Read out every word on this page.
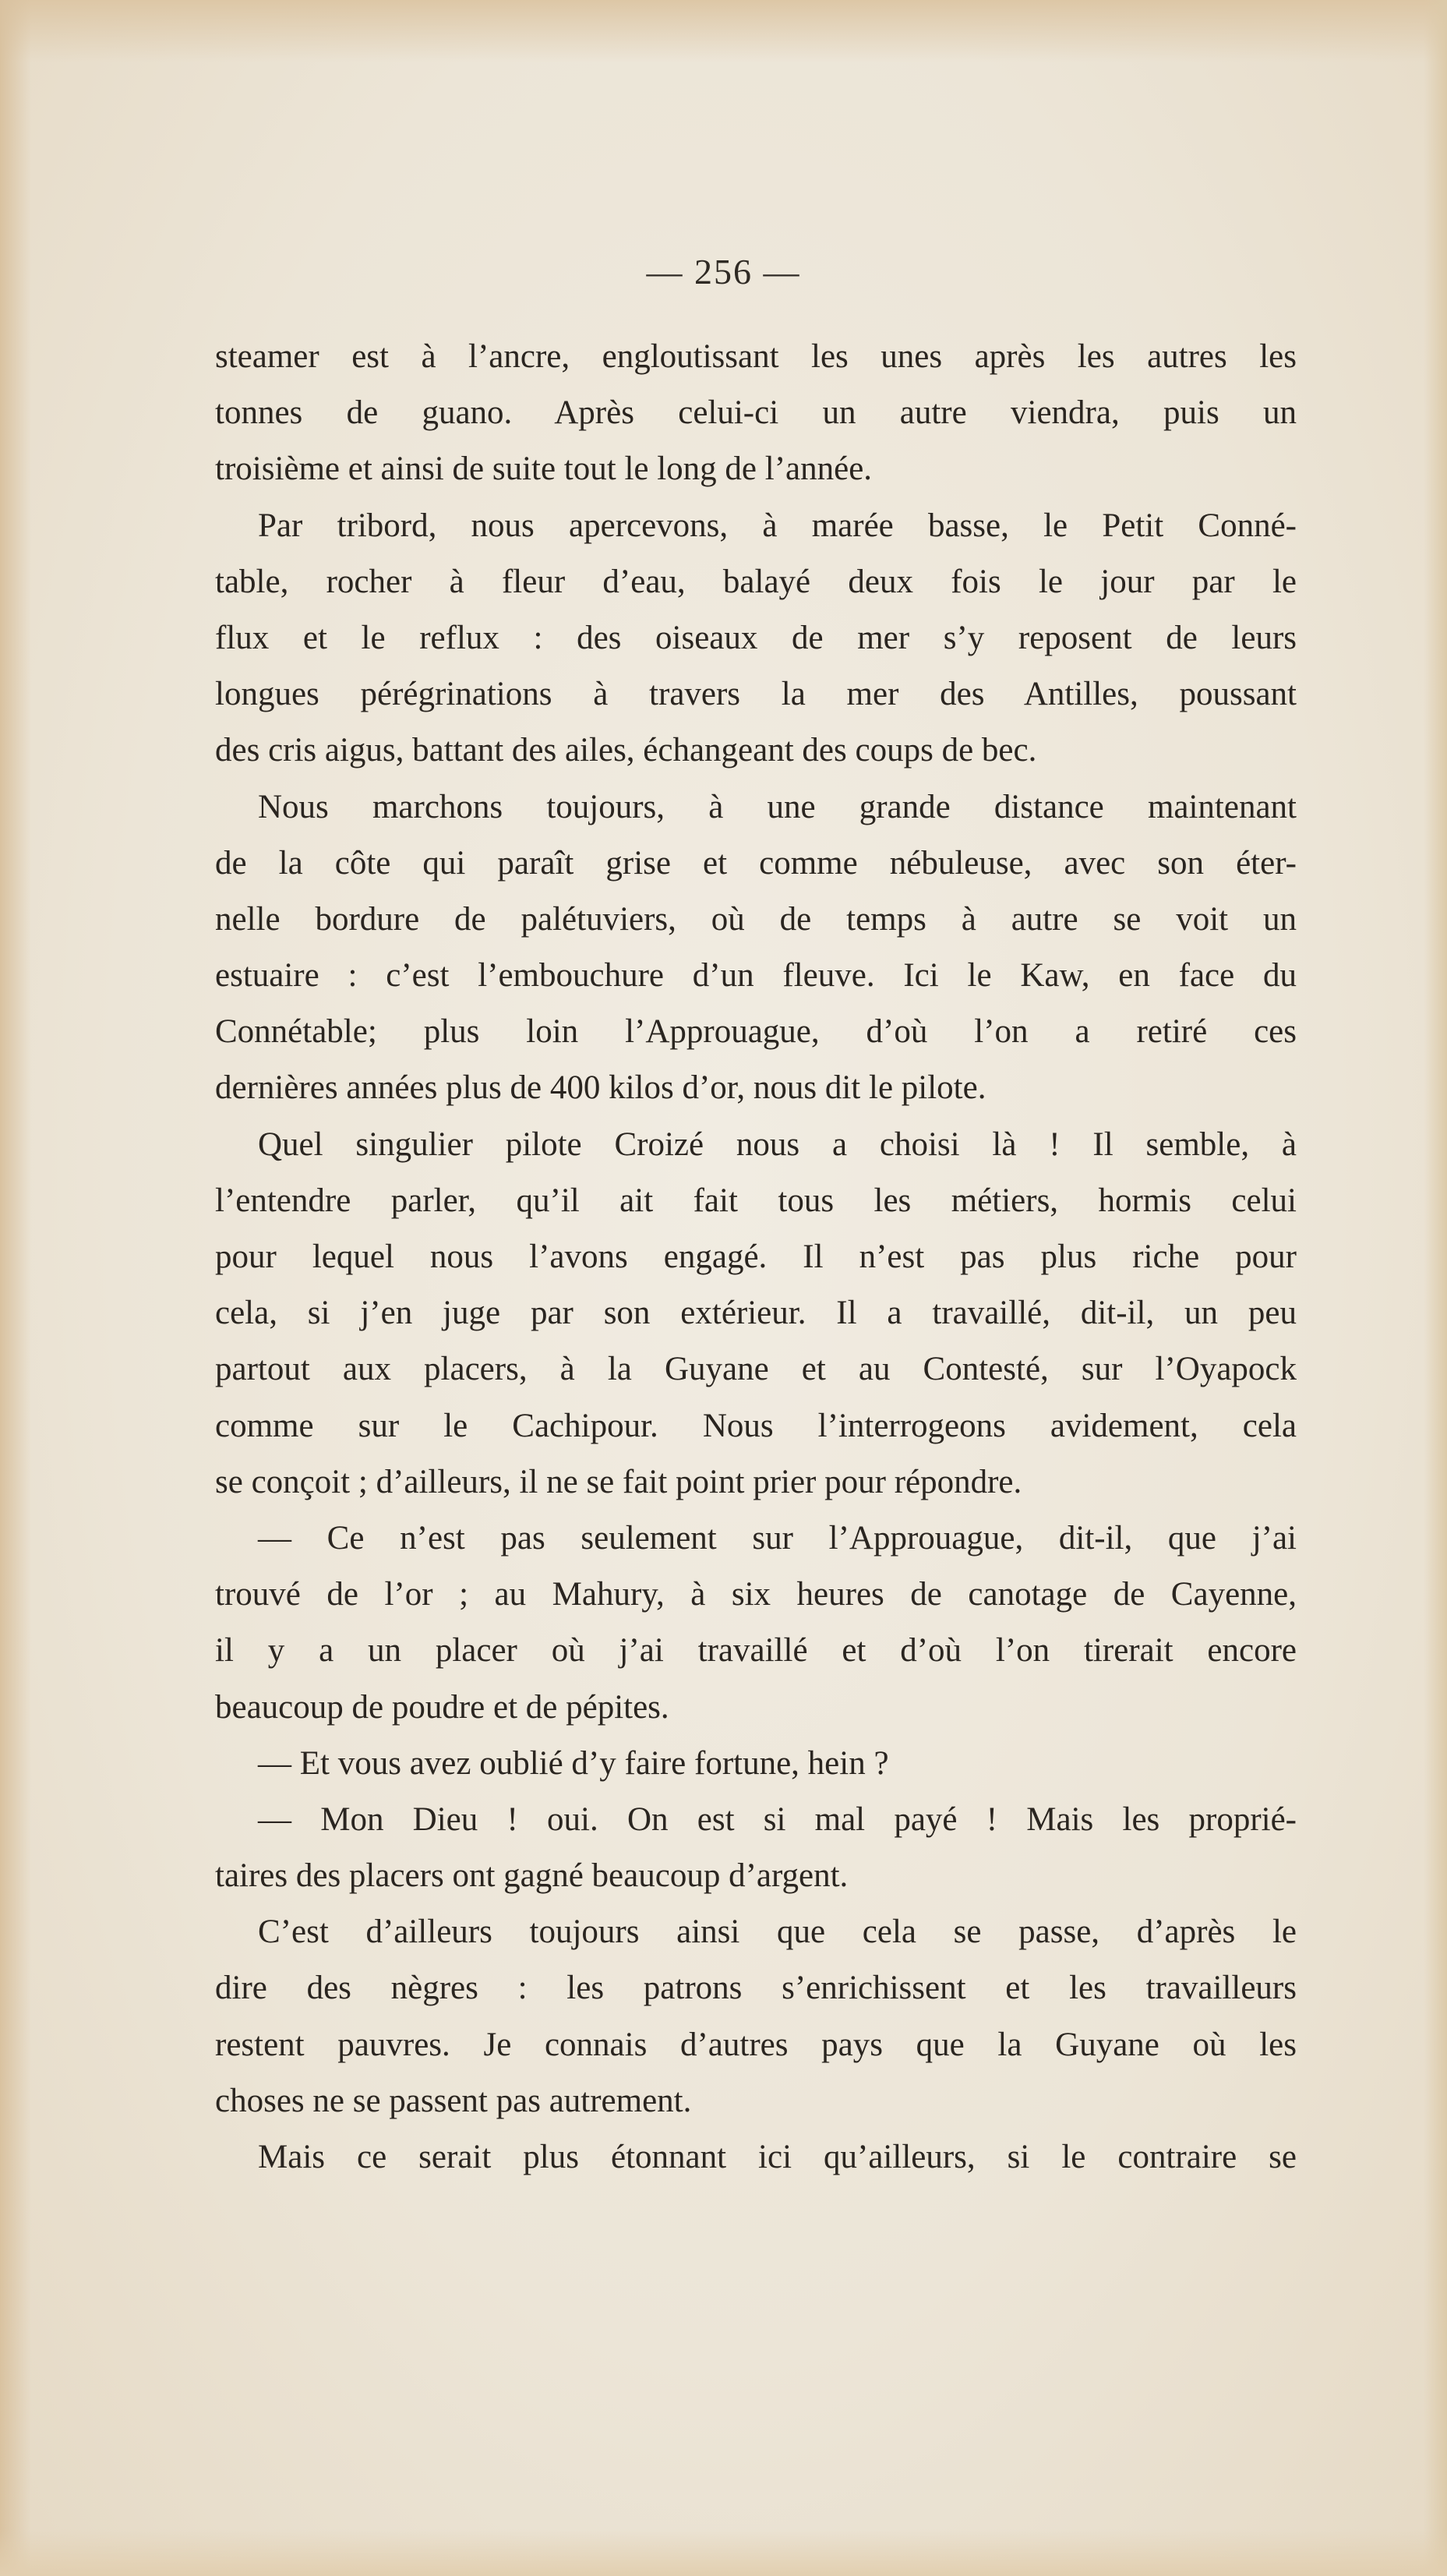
— 256 —
steamer est à l’ancre, engloutissant les unes après les autres les
tonnes de guano. Après celui-ci un autre viendra, puis un
troisième et ainsi de suite tout le long de l’année.
Par tribord, nous apercevons, à marée basse, le Petit Conné-
table, rocher à fleur d’eau, balayé deux fois le jour par le
flux et le reflux : des oiseaux de mer s’y reposent de leurs
longues pérégrinations à travers la mer des Antilles, poussant
des cris aigus, battant des ailes, échangeant des coups de bec.
Nous marchons toujours, à une grande distance maintenant
de la côte qui paraît grise et comme nébuleuse, avec son éter-
nelle bordure de palétuviers, où de temps à autre se voit un
estuaire : c’est l’embouchure d’un fleuve. Ici le Kaw, en face du
Connétable; plus loin l’Approuague, d’où l’on a retiré ces
dernières années plus de 400 kilos d’or, nous dit le pilote.
Quel singulier pilote Croizé nous a choisi là ! Il semble, à
l’entendre parler, qu’il ait fait tous les métiers, hormis celui
pour lequel nous l’avons engagé. Il n’est pas plus riche pour
cela, si j’en juge par son extérieur. Il a travaillé, dit-il, un peu
partout aux placers, à la Guyane et au Contesté, sur l’Oyapock
comme sur le Cachipour. Nous l’interrogeons avidement, cela
se conçoit ; d’ailleurs, il ne se fait point prier pour répondre.
— Ce n’est pas seulement sur l’Approuague, dit-il, que j’ai
trouvé de l’or ; au Mahury, à six heures de canotage de Cayenne,
il y a un placer où j’ai travaillé et d’où l’on tirerait encore
beaucoup de poudre et de pépites.
— Et vous avez oublié d’y faire fortune, hein ?
— Mon Dieu ! oui. On est si mal payé ! Mais les proprié-
taires des placers ont gagné beaucoup d’argent.
C’est d’ailleurs toujours ainsi que cela se passe, d’après le
dire des nègres : les patrons s’enrichissent et les travailleurs
restent pauvres. Je connais d’autres pays que la Guyane où les
choses ne se passent pas autrement.
Mais ce serait plus étonnant ici qu’ailleurs, si le contraire se
